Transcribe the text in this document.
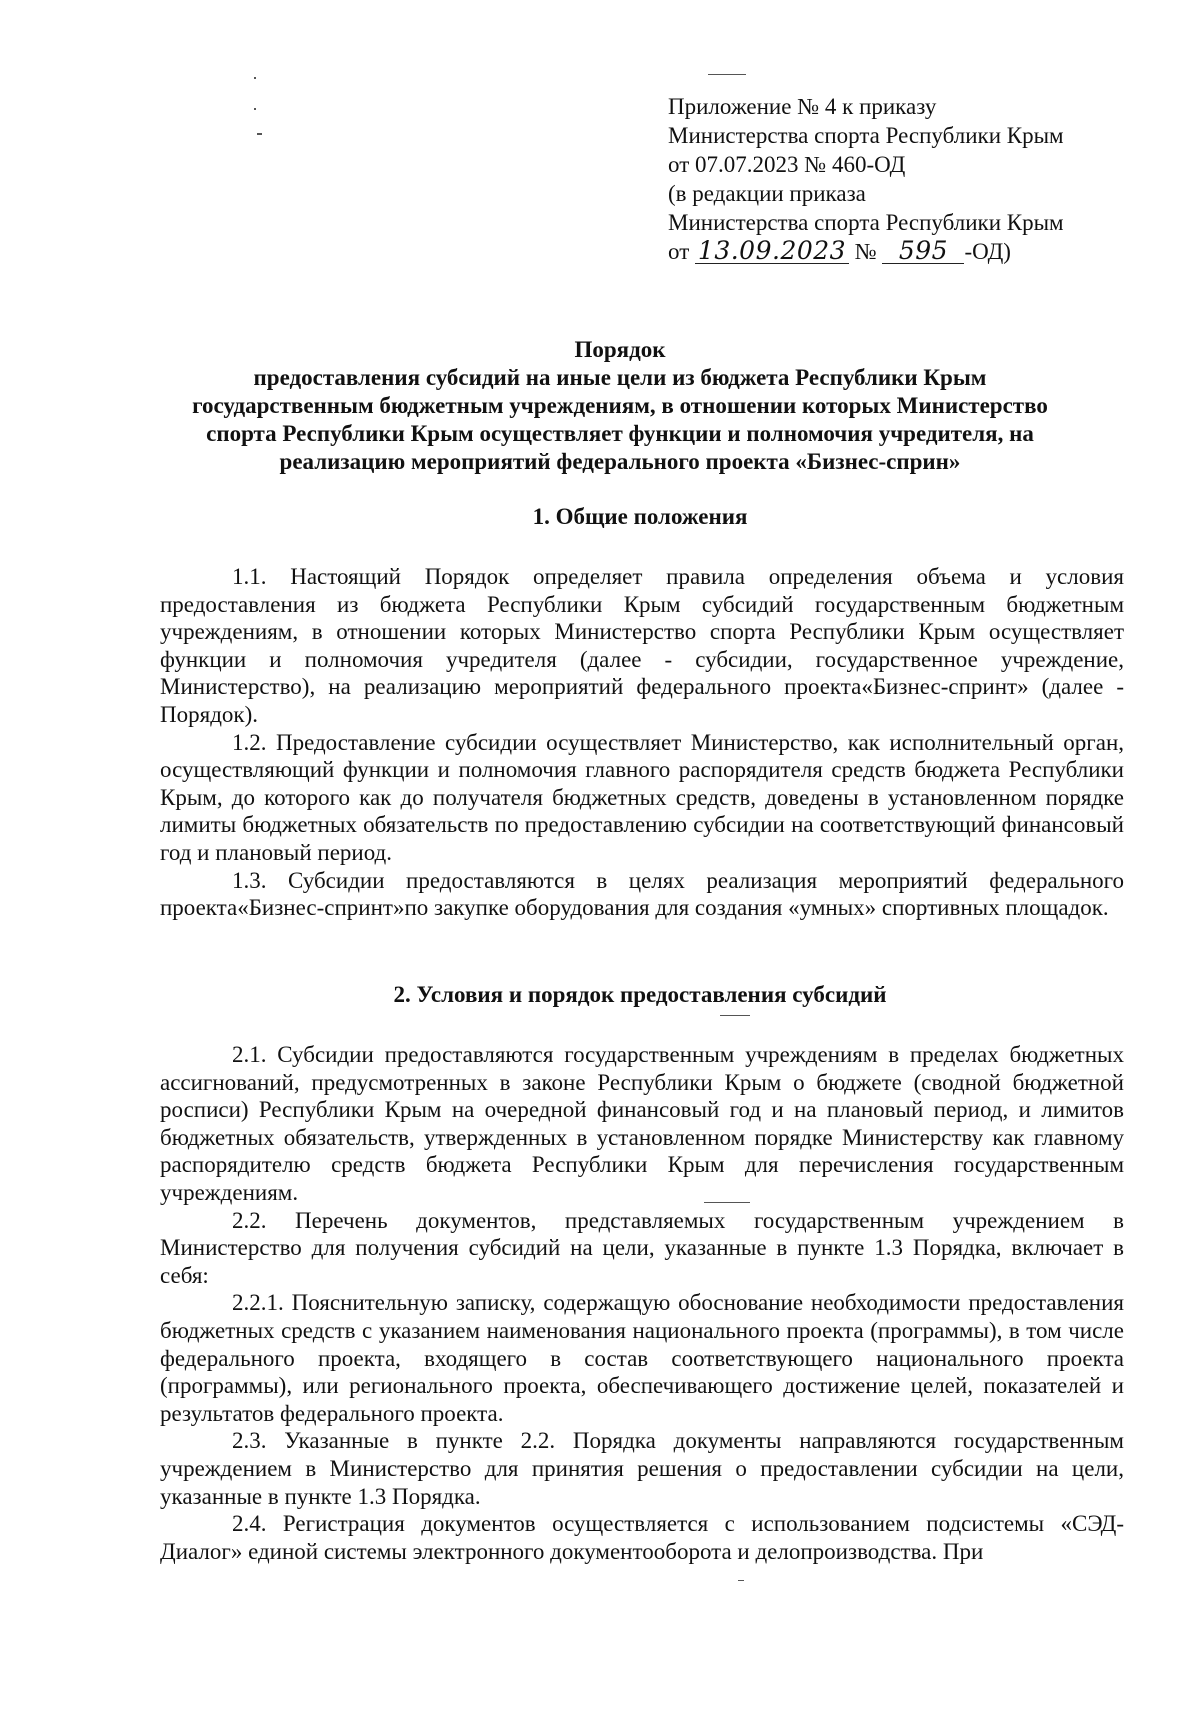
Приложение № 4 к приказу
Министерства спорта Республики Крым
от 07.07.2023 № 460-ОД
(в редакции приказа
Министерства спорта Республики Крым
от 13.09.2023 № 595 -ОД)
Порядок
предоставления субсидий на иные цели из бюджета Республики Крым
государственным бюджетным учреждениям, в отношении которых Министерство
спорта Республики Крым осуществляет функции и полномочия учредителя, на
реализацию мероприятий федерального проекта «Бизнес-сприн»
1. Общие положения

1.1. Настоящий Порядок определяет правила определения объема и условия предоставления из бюджета Республики Крым субсидий государственным бюджетным учреждениям, в отношении которых Министерство спорта Республики Крым осуществляет функции и полномочия учредителя (далее - субсидии, государственное учреждение, Министерство), на реализацию мероприятий федерального проекта«Бизнес-спринт» (далее - Порядок).

1.2. Предоставление субсидии осуществляет Министерство, как исполнительный орган, осуществляющий функции и полномочия главного распорядителя средств бюджета Республики Крым, до которого как до получателя бюджетных средств, доведены в установленном порядке лимиты бюджетных обязательств по предоставлению субсидии на соответствующий финансовый год и плановый период.

1.3. Субсидии предоставляются в целях реализация мероприятий федерального проекта«Бизнес-спринт»по закупке оборудования для создания «умных» спортивных площадок.

2. Условия и порядок предоставления субсидий

2.1. Субсидии предоставляются государственным учреждениям в пределах бюджетных ассигнований, предусмотренных в законе Республики Крым о бюджете (сводной бюджетной росписи) Республики Крым на очередной финансовый год и на плановый период, и лимитов бюджетных обязательств, утвержденных в установленном порядке Министерству как главному распорядителю средств бюджета Республики Крым для перечисления государственным учреждениям.

2.2. Перечень документов, представляемых государственным учреждением в Министерство для получения субсидий на цели, указанные в пункте 1.3 Порядка, включает в себя:

2.2.1. Пояснительную записку, содержащую обоснование необходимости предоставления бюджетных средств с указанием наименования национального проекта (программы), в том числе федерального проекта, входящего в состав соответствующего национального проекта (программы), или регионального проекта, обеспечивающего достижение целей, показателей и результатов федерального проекта.

2.3. Указанные в пункте 2.2. Порядка документы направляются государственным учреждением в Министерство для принятия решения о предоставлении субсидии на цели, указанные в пункте 1.3 Порядка.

2.4. Регистрация документов осуществляется с использованием подсистемы «СЭД-Диалог» единой системы электронного документооборота и делопроизводства. При
